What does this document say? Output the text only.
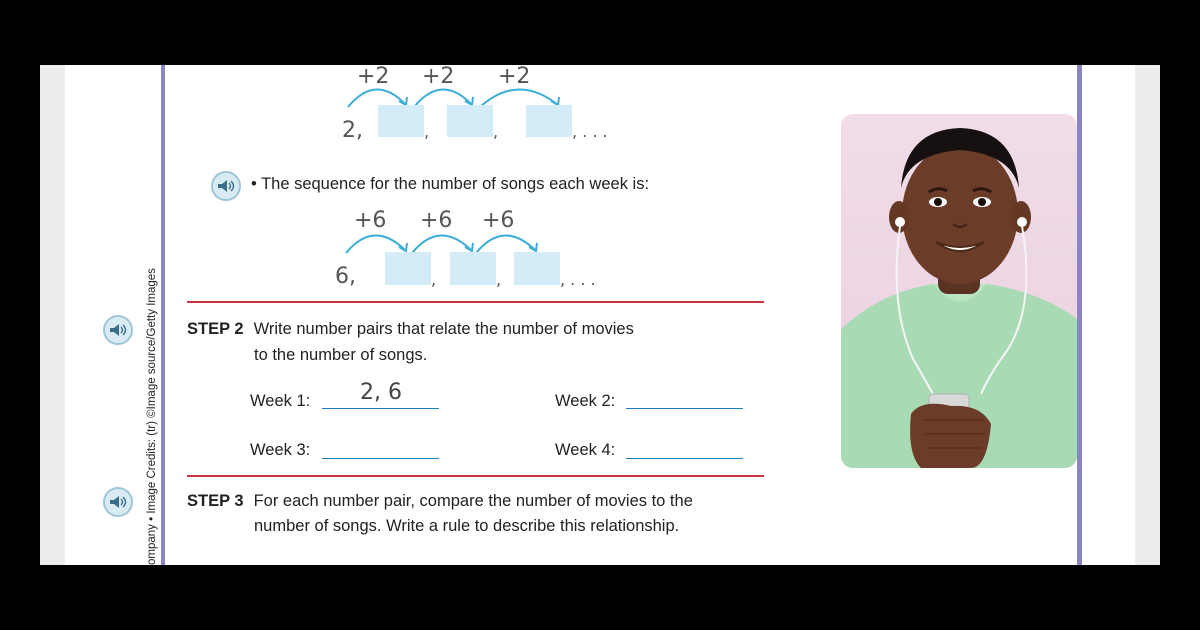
ompany • Image Credits: (tr) ©Image source/Getty Images
+2 +2 +2
2,	,	,	, . . .
• The sequence for the number of songs each week is:
+6 +6 +6
6,	,	,	, . . .
STEP 2 Write number pairs that relate the number of movies
to the number of songs.
Week 1: 2, 6	Week 2:
Week 3:	Week 4:
STEP 3 For each number pair, compare the number of movies to the
number of songs. Write a rule to describe this relationship.
